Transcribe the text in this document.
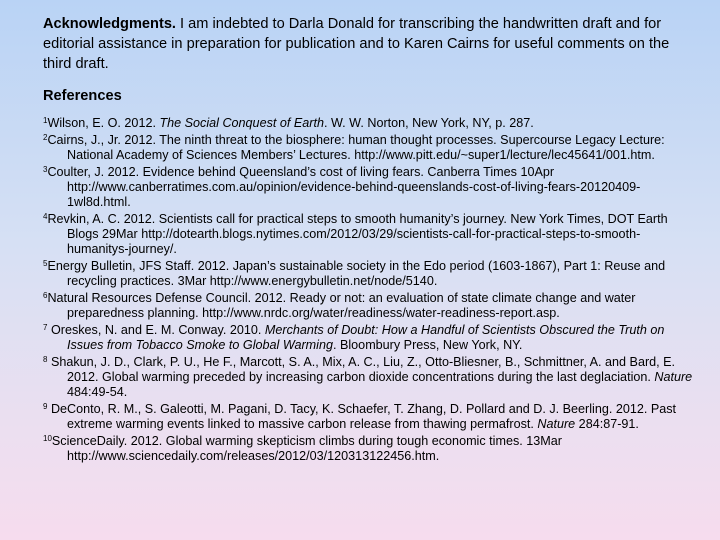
Acknowledgments. I am indebted to Darla Donald for transcribing the handwritten draft and for editorial assistance in preparation for publication and to Karen Cairns for useful comments on the third draft.

References

$^1$Wilson, E. O. 2012. The Social Conquest of Earth. W. W. Norton, New York, NY, p. 287.

$^2$Cairns, J., Jr. 2012. The ninth threat to the biosphere: human thought processes. Supercourse Legacy Lecture: National Academy of Sciences Members’ Lectures. http://www.pitt.edu/~super1/lecture/lec45641/001.htm.

$^3$Coulter, J. 2012. Evidence behind Queensland’s cost of living fears. Canberra Times 10Apr http://www.canberratimes.com.au/opinion/evidence-behind-queenslands-cost-of-living-fears-20120409-1wl8d.html.

$^4$Revkin, A. C. 2012. Scientists call for practical steps to smooth humanity’s journey. New York Times, DOT Earth Blogs 29Mar http://dotearth.blogs.nytimes.com/2012/03/29/scientists-call-for-practical-steps-to-smooth-humanitys-journey/.

$^5$Energy Bulletin, JFS Staff. 2012. Japan’s sustainable society in the Edo period (1603-1867), Part 1: Reuse and recycling practices. 3Mar http://www.energybulletin.net/node/5140.

$^6$Natural Resources Defense Council. 2012. Ready or not: an evaluation of state climate change and water preparedness planning. http://www.nrdc.org/water/readiness/water-readiness-report.asp.

$^7$ Oreskes, N. and E. M. Conway. 2010. Merchants of Doubt: How a Handful of Scientists Obscured the Truth on Issues from Tobacco Smoke to Global Warming. Bloombury Press, New York, NY.

$^8$ Shakun, J. D., Clark, P. U., He F., Marcott, S. A., Mix, A. C., Liu, Z., Otto-Bliesner, B., Schmittner, A. and Bard, E. 2012. Global warming preceded by increasing carbon dioxide concentrations during the last deglaciation. Nature 484:49-54.

$^9$ DeConto, R. M., S. Galeotti, M. Pagani, D. Tacy, K. Schaefer, T. Zhang, D. Pollard and D. J. Beerling. 2012. Past extreme warming events linked to massive carbon release from thawing permafrost. Nature 284:87-91.

$^{10}$ScienceDaily. 2012. Global warming skepticism climbs during tough economic times. 13Mar http://www.sciencedaily.com/releases/2012/03/120313122456.htm.
